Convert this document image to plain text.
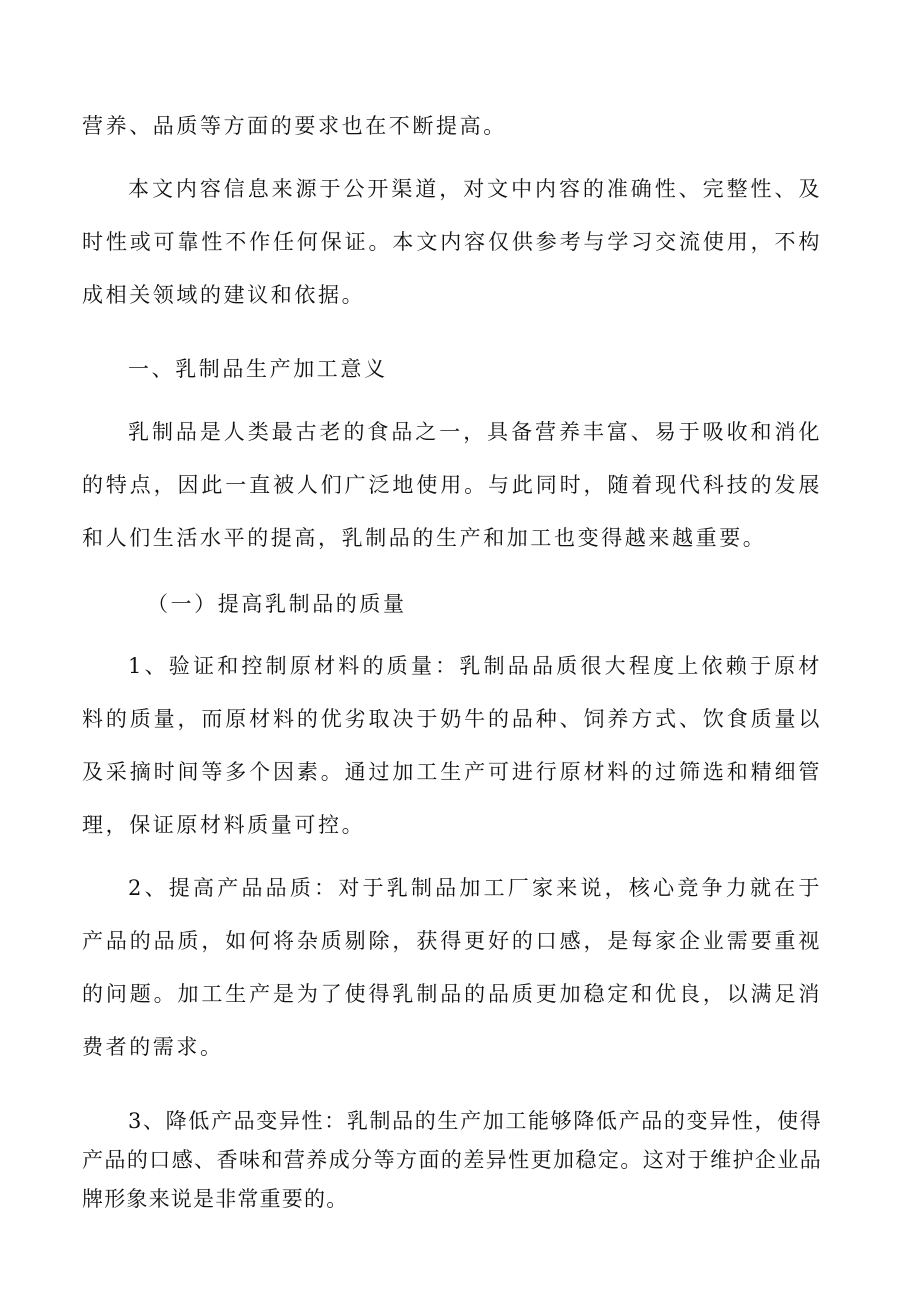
营养、品质等方面的要求也在不断提高。

本文内容信息来源于公开渠道，对文中内容的准确性、完整性、及时性或可靠性不作任何保证。本文内容仅供参考与学习交流使用，不构成相关领域的建议和依据。

一、乳制品生产加工意义

乳制品是人类最古老的食品之一，具备营养丰富、易于吸收和消化的特点，因此一直被人们广泛地使用。与此同时，随着现代科技的发展和人们生活水平的提高，乳制品的生产和加工也变得越来越重要。

（一）提高乳制品的质量

1、验证和控制原材料的质量：乳制品品质很大程度上依赖于原材料的质量，而原材料的优劣取决于奶牛的品种、饲养方式、饮食质量以及采摘时间等多个因素。通过加工生产可进行原材料的过筛选和精细管理，保证原材料质量可控。

2、提高产品品质：对于乳制品加工厂家来说，核心竞争力就在于产品的品质，如何将杂质剔除，获得更好的口感，是每家企业需要重视的问题。加工生产是为了使得乳制品的品质更加稳定和优良，以满足消费者的需求。

3、降低产品变异性：乳制品的生产加工能够降低产品的变异性，使得产品的口感、香味和营养成分等方面的差异性更加稳定。这对于维护企业品牌形象来说是非常重要的。
